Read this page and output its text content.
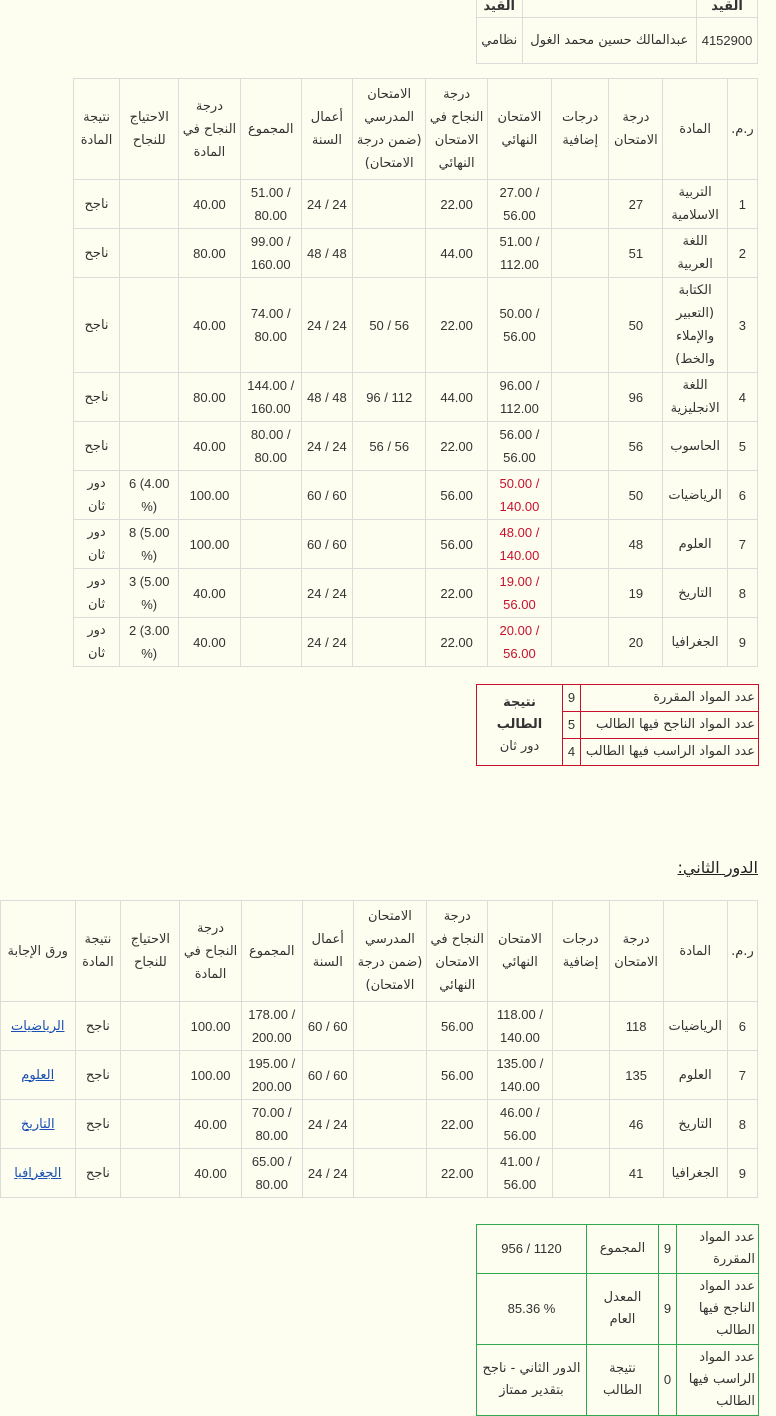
القيد		القيد
4152900	عبدالمالك حسين محمد الغول	نظامي
ر.م.	المادة	درجة الامتحان	درجات إضافية	الامتحان النهائي	درجة النجاح في الامتحان النهائي	الامتحان المدرسي (ضمن درجة الامتحان)	أعمال السنة	المجموع	درجة النجاح في المادة	الاحتياج للنجاح	نتيجة المادة
1	التربية الاسلامية	27		27.00 / 56.00	22.00		24 / 24	51.00 / 80.00	40.00		ناجح
2	اللغة العربية	51		51.00 / 112.00	44.00		48 / 48	99.00 / 160.00	80.00		ناجح
3	الكتابة (التعبير والإملاء والخط)	50		50.00 / 56.00	22.00	50 / 56	24 / 24	74.00 / 80.00	40.00		ناجح
4	اللغة الانجليزية	96		96.00 / 112.00	44.00	96 / 112	48 / 48	144.00 / 160.00	80.00		ناجح
5	الحاسوب	56		56.00 / 56.00	22.00	56 / 56	24 / 24	80.00 / 80.00	40.00		ناجح
6	الرياضيات	50		50.00 / 140.00	56.00		60 / 60		100.00	6 (4.00 %)	دور ثان
7	العلوم	48		48.00 / 140.00	56.00		60 / 60		100.00	8 (5.00 %)	دور ثان
8	التاريخ	19		19.00 / 56.00	22.00		24 / 24		40.00	3 (5.00 %)	دور ثان
9	الجغرافيا	20		20.00 / 56.00	22.00		24 / 24		40.00	2 (3.00 %)	دور ثان
عدد المواد المقررة	9	نتيجة الطالب
دور ثان

عدد المواد الناجح فيها الطالب	5	
عدد المواد الراسب فيها الطالب	4	
الدور الثاني:
ر.م.	المادة	درجة الامتحان	درجات إضافية	الامتحان النهائي	درجة النجاح في الامتحان النهائي	الامتحان المدرسي (ضمن درجة الامتحان)	أعمال السنة	المجموع	درجة النجاح في المادة	الاحتياج للنجاح	نتيجة المادة	ورق الإجابة
6	الرياضيات	118		118.00 / 140.00	56.00		60 / 60	178.00 / 200.00	100.00		ناجح	الرياضيات
7	العلوم	135		135.00 / 140.00	56.00		60 / 60	195.00 / 200.00	100.00		ناجح	العلوم
8	التاريخ	46		46.00 / 56.00	22.00		24 / 24	70.00 / 80.00	40.00		ناجح	التاريخ
9	الجغرافيا	41		41.00 / 56.00	22.00		24 / 24	65.00 / 80.00	40.00		ناجح	الجغرافيا
عدد المواد المقررة	9	المجموع	956 / 1120
عدد المواد الناجح فيها الطالب	9	المعدل العام	85.36 %
عدد المواد الراسب فيها الطالب	0	نتيجة الطالب	الدور الثاني - ناجح بتقدير ممتاز
